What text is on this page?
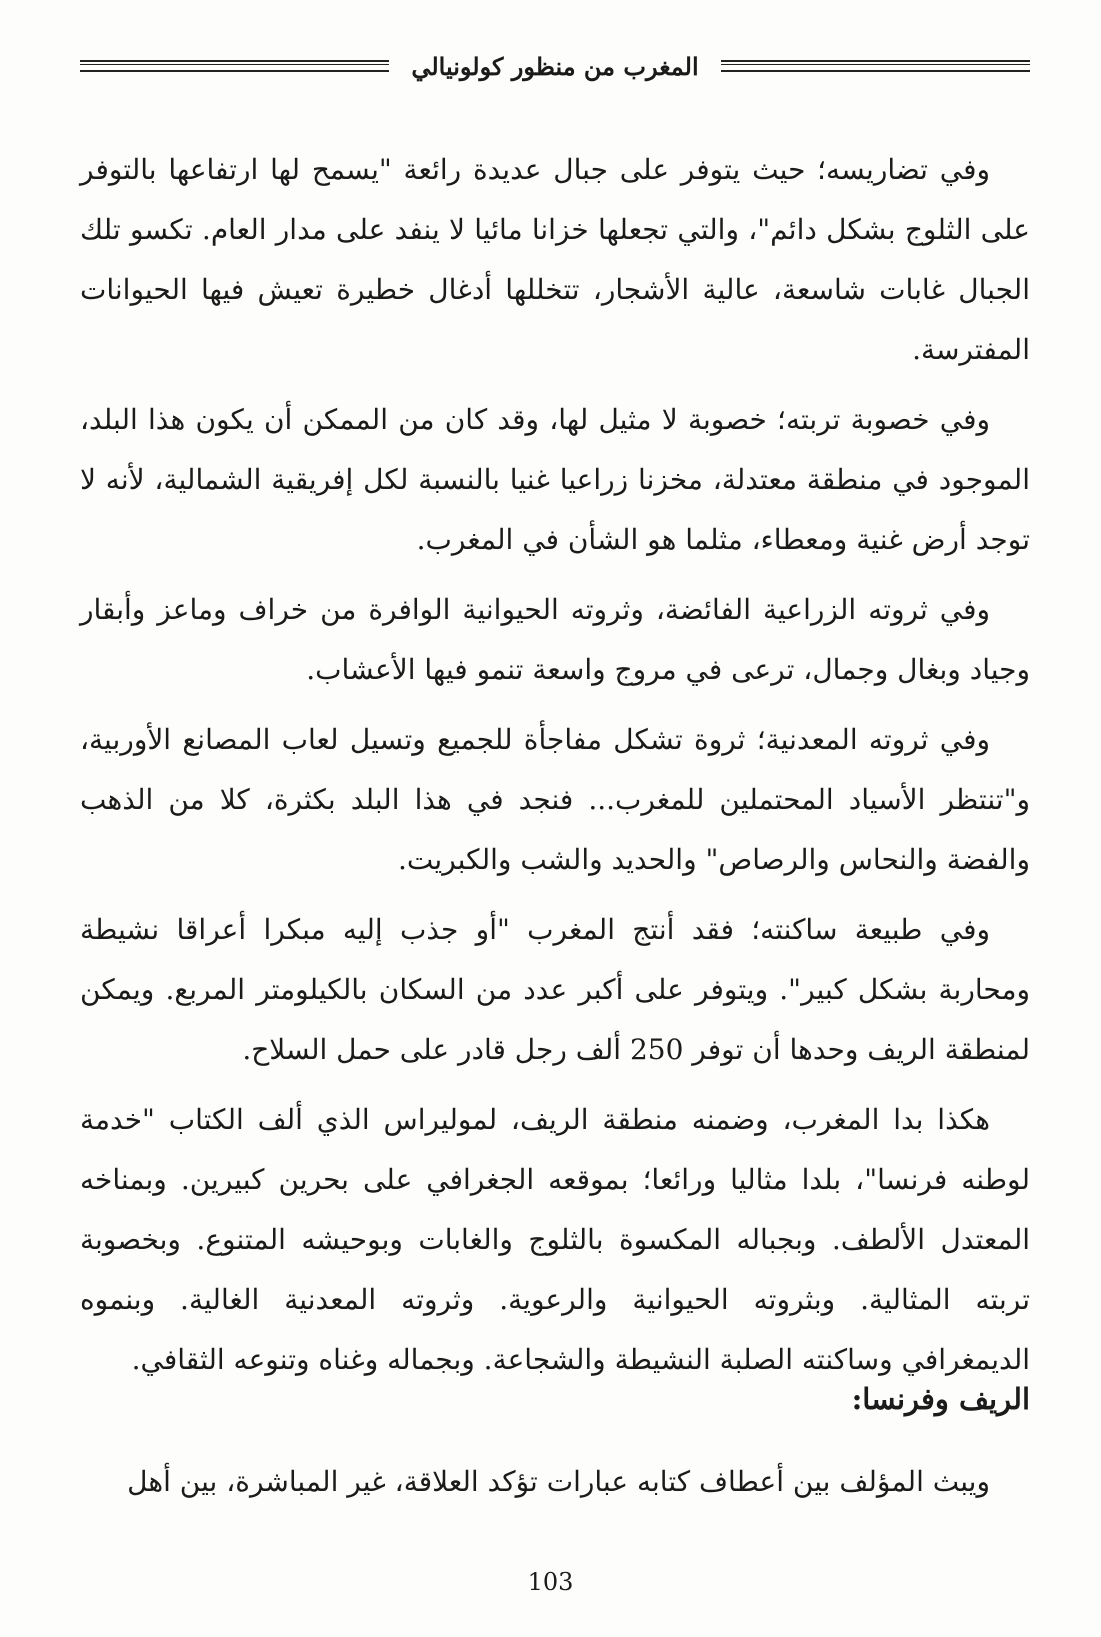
المغرب من منظور كولونيالي

وفي تضاريسه؛ حيث يتوفر على جبال عديدة رائعة "يسمح لها ارتفاعها بالتوفر على الثلوج بشكل دائم"، والتي تجعلها خزانا مائيا لا ينفد على مدار العام. تكسو تلك الجبال غابات شاسعة، عالية الأشجار، تتخللها أدغال خطيرة تعيش فيها الحيوانات المفترسة.

وفي خصوبة تربته؛ خصوبة لا مثيل لها، وقد كان من الممكن أن يكون هذا البلد، الموجود في منطقة معتدلة، مخزنا زراعيا غنيا بالنسبة لكل إفريقية الشمالية، لأنه لا توجد أرض غنية ومعطاء، مثلما هو الشأن في المغرب.

وفي ثروته الزراعية الفائضة، وثروته الحيوانية الوافرة من خراف وماعز وأبقار وجياد وبغال وجمال، ترعى في مروج واسعة تنمو فيها الأعشاب.

وفي ثروته المعدنية؛ ثروة تشكل مفاجأة للجميع وتسيل لعاب المصانع الأوربية، و"تنتظر الأسياد المحتملين للمغرب... فنجد في هذا البلد بكثرة، كلا من الذهب والفضة والنحاس والرصاص" والحديد والشب والكبريت.

وفي طبيعة ساكنته؛ فقد أنتج المغرب "أو جذب إليه مبكرا أعراقا نشيطة ومحاربة بشكل كبير". ويتوفر على أكبر عدد من السكان بالكيلومتر المربع. ويمكن لمنطقة الريف وحدها أن توفر 250 ألف رجل قادر على حمل السلاح.

هكذا بدا المغرب، وضمنه منطقة الريف، لموليراس الذي ألف الكتاب "خدمة لوطنه فرنسا"، بلدا مثاليا ورائعا؛ بموقعه الجغرافي على بحرين كبيرين. وبمناخه المعتدل الألطف. وبجباله المكسوة بالثلوج والغابات وبوحيشه المتنوع. وبخصوبة تربته المثالية. وبثروته الحيوانية والرعوية. وثروته المعدنية الغالية. وبنموه الديمغرافي وساكنته الصلبة النشيطة والشجاعة. وبجماله وغناه وتنوعه الثقافي.

الريف وفرنسا:
ويبث المؤلف بين أعطاف كتابه عبارات تؤكد العلاقة، غير المباشرة، بين أهل
103
